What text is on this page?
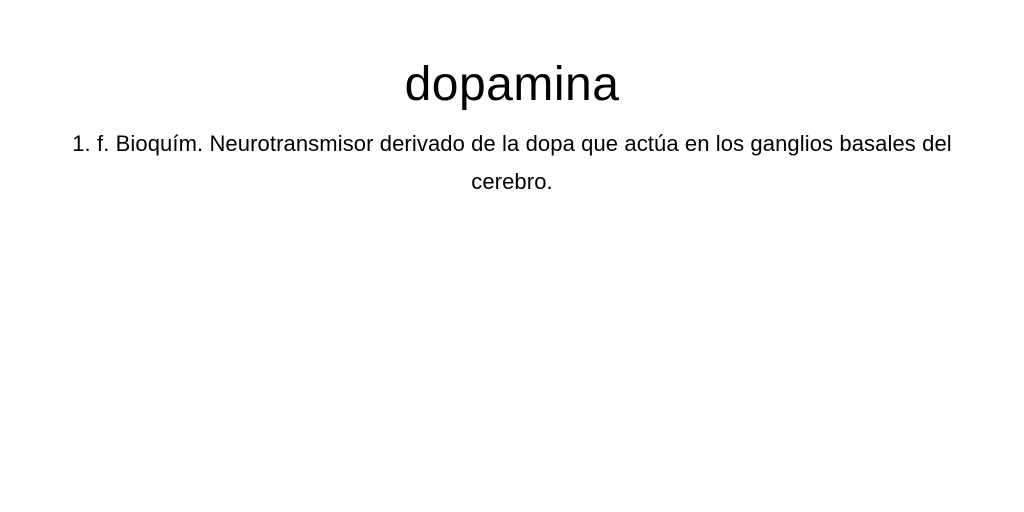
dopamina

1. f. Bioquím. Neurotransmisor derivado de la dopa que actúa en los ganglios basales del cerebro.
